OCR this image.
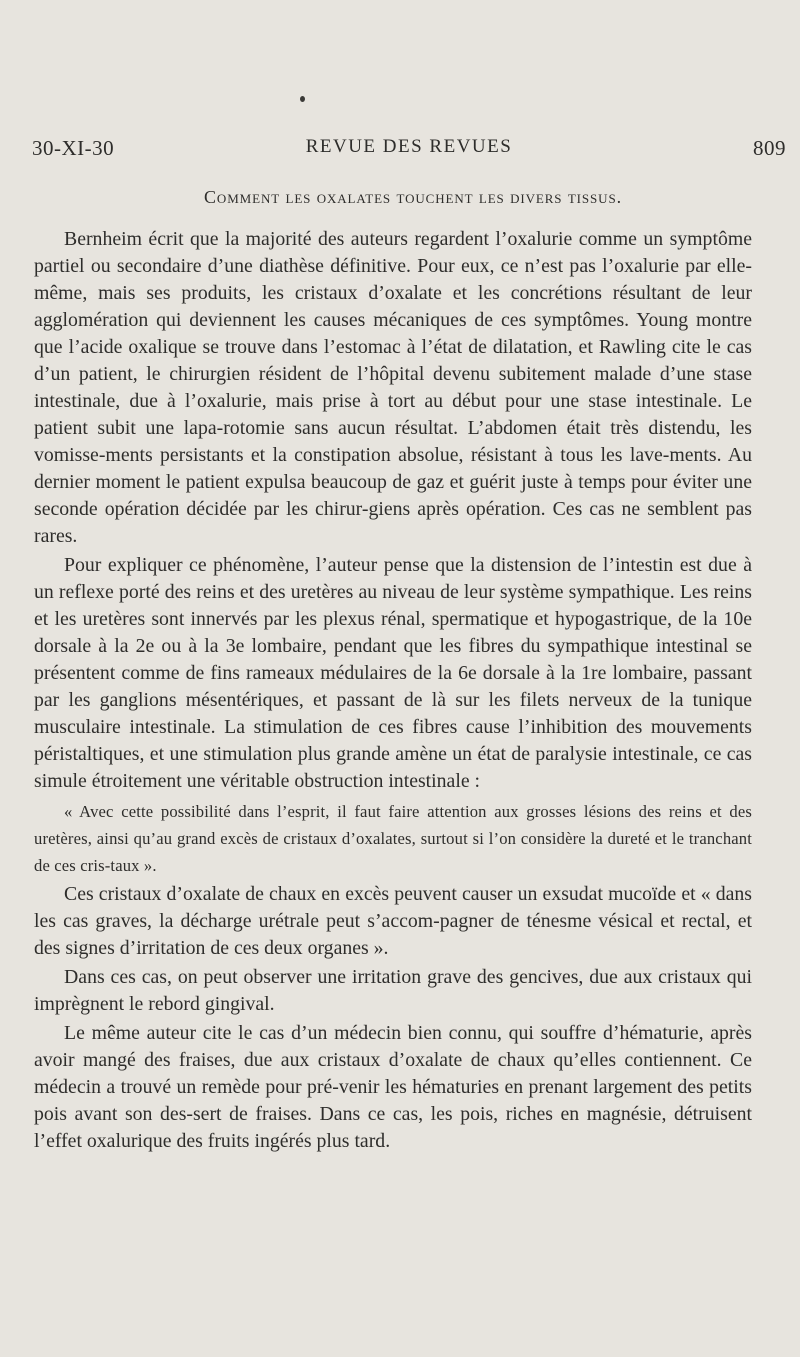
30-XI-30	REVUE DES REVUES	809
Comment les oxalates touchent les divers tissus.

Bernheim écrit que la majorité des auteurs regardent l’oxalurie comme un symptôme partiel ou secondaire d’une diathèse définitive. Pour eux, ce n’est pas l’oxalurie par elle-même, mais ses produits, les cristaux d’oxalate et les concrétions résultant de leur agglomération qui deviennent les causes mécaniques de ces symptômes. Young montre que l’acide oxalique se trouve dans l’estomac à l’état de dilatation, et Rawling cite le cas d’un patient, le chirurgien résident de l’hôpital devenu subitement malade d’une stase intestinale, due à l’oxalurie, mais prise à tort au début pour une stase intestinale. Le patient subit une lapa-rotomie sans aucun résultat. L’abdomen était très distendu, les vomisse-ments persistants et la constipation absolue, résistant à tous les lave-ments. Au dernier moment le patient expulsa beaucoup de gaz et guérit juste à temps pour éviter une seconde opération décidée par les chirur-giens après opération. Ces cas ne semblent pas rares.

Pour expliquer ce phénomène, l’auteur pense que la distension de l’intestin est due à un reflexe porté des reins et des uretères au niveau de leur système sympathique. Les reins et les uretères sont innervés par les plexus rénal, spermatique et hypogastrique, de la 10e dorsale à la 2e ou à la 3e lombaire, pendant que les fibres du sympathique intestinal se présentent comme de fins rameaux médulaires de la 6e dorsale à la 1re lombaire, passant par les ganglions mésentériques, et passant de là sur les filets nerveux de la tunique musculaire intestinale. La stimulation de ces fibres cause l’inhibition des mouvements péristaltiques, et une stimulation plus grande amène un état de paralysie intestinale, ce cas simule étroitement une véritable obstruction intestinale :

« Avec cette possibilité dans l’esprit, il faut faire attention aux grosses lésions des reins et des uretères, ainsi qu’au grand excès de cristaux d’oxalates, surtout si l’on considère la dureté et le tranchant de ces cris-taux ».

Ces cristaux d’oxalate de chaux en excès peuvent causer un exsudat mucoïde et « dans les cas graves, la décharge urétrale peut s’accom-pagner de ténesme vésical et rectal, et des signes d’irritation de ces deux organes ».

Dans ces cas, on peut observer une irritation grave des gencives, due aux cristaux qui imprègnent le rebord gingival.

Le même auteur cite le cas d’un médecin bien connu, qui souffre d’hématurie, après avoir mangé des fraises, due aux cristaux d’oxalate de chaux qu’elles contiennent. Ce médecin a trouvé un remède pour pré-venir les hématuries en prenant largement des petits pois avant son des-sert de fraises. Dans ce cas, les pois, riches en magnésie, détruisent l’effet oxalurique des fruits ingérés plus tard.
